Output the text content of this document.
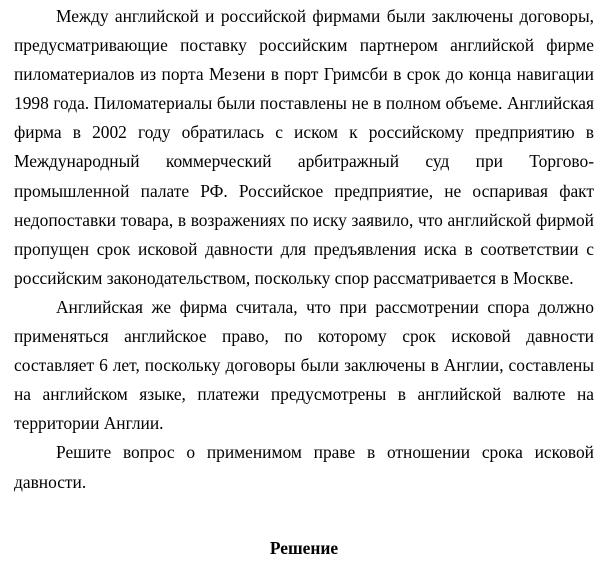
Между английской и российской фирмами были заключены договоры, предусматривающие поставку российским партнером английской фирме пиломатериалов из порта Мезени в порт Гримсби в срок до конца навигации 1998 года. Пиломатериалы были поставлены не в полном объеме. Английская фирма в 2002 году обратилась с иском к российскому предприятию в Международный коммерческий арбитражный суд при Торгово-промышленной палате РФ. Российское предприятие, не оспаривая факт недопоставки товара, в возражениях по иску заявило, что английской фирмой пропущен срок исковой давности для предъявления иска в соответствии с российским законодательством, поскольку спор рассматривается в Москве.

Английская же фирма считала, что при рассмотрении спора должно применяться английское право, по которому срок исковой давности составляет 6 лет, поскольку договоры были заключены в Англии, составлены на английском языке, платежи предусмотрены в английской валюте на территории Англии.

Решите вопрос о применимом праве в отношении срока исковой давности.

Решение
